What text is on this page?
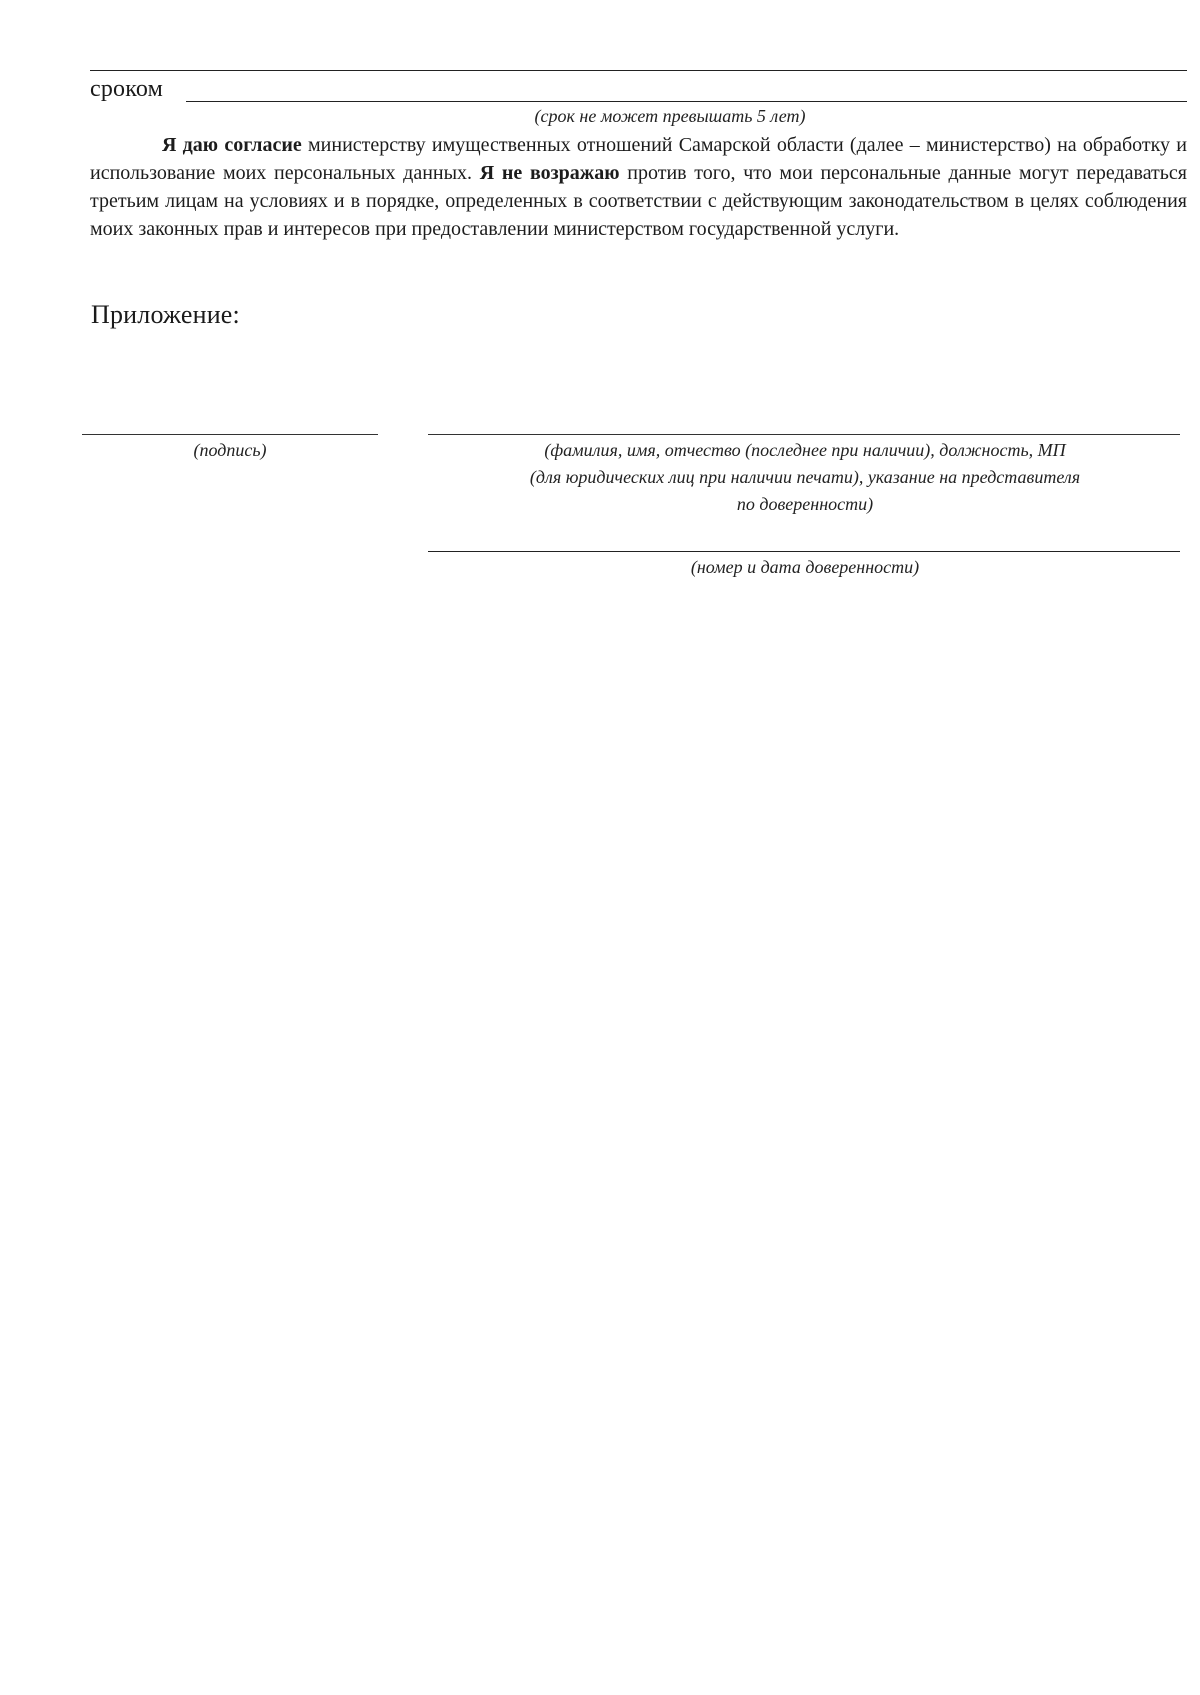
сроком
(срок не может превышать 5 лет)
Я даю согласие министерству имущественных отношений Самарской области (далее – министерство) на обработку и использование моих персональных данных. Я не возражаю против того, что мои персональные данные могут передаваться третьим лицам на условиях и в порядке, определенных в соответствии с действующим законодательством в целях соблюдения моих законных прав и интересов при предоставлении министерством государственной услуги.
Приложение:
(подпись)	(фамилия, имя, отчество (последнее при наличии), должность, МП
(для юридических лиц при наличии печати), указание на представителя
по доверенности)
(номер и дата доверенности)
